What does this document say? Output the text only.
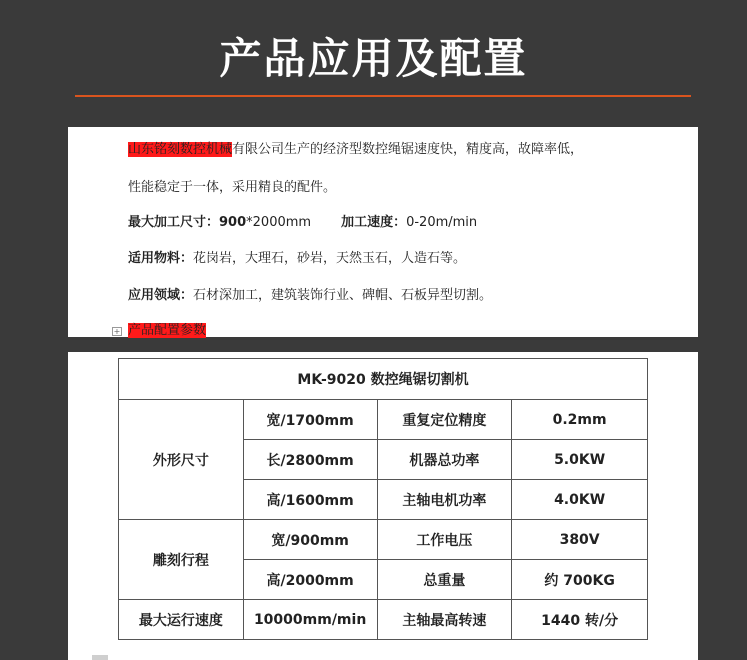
产品应用及配置
山东铭刻数控机械有限公司生产的经济型数控绳锯速度快，精度高，故障率低，
性能稳定于一体，采用精良的配件。
最大加工尺寸：900*2000mm 加工速度：0-20m/min
适用物料：花岗岩，大理石，砂岩，天然玉石，人造石等。
应用领域：石材深加工，建筑装饰行业、碑帽、石板异型切割。
产品配置参数
+
MK-9020 数控绳锯切割机			
外形尺寸	宽/1700mm	重复定位精度	0.2mm
	长/2800mm	机器总功率	5.0KW
	高/1600mm	主轴电机功率	4.0KW
雕刻行程	宽/900mm	工作电压	380V
	高/2000mm	总重量	约 700KG
最大运行速度	10000mm/min	主轴最高转速	1440 转/分
